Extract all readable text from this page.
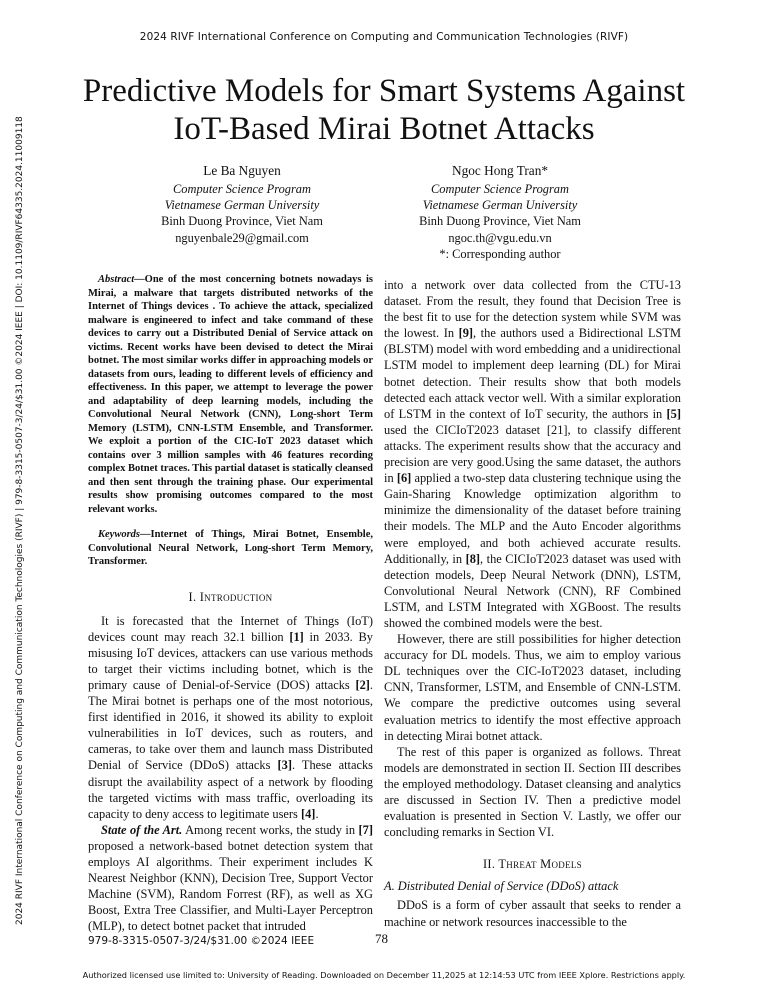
2024 RIVF International Conference on Computing and Communication Technologies (RIVF)
2024 RIVF International Conference on Computing and Communication Technologies (RIVF) | 979-8-3315-0507-3/24/$31.00 ©2024 IEEE | DOI: 10.1109/RIVF64335.2024.11009118
Predictive Models for Smart Systems Against IoT-Based Mirai Botnet Attacks
Le Ba Nguyen
Computer Science Program
Vietnamese German University
Binh Duong Province, Viet Nam
nguyenbale29@gmail.com
Ngoc Hong Tran*
Computer Science Program
Vietnamese German University
Binh Duong Province, Viet Nam
ngoc.th@vgu.edu.vn
*: Corresponding author

Abstract—One of the most concerning botnets nowadays is Mirai, a malware that targets distributed networks of the Internet of Things devices . To achieve the attack, specialized malware is engineered to infect and take command of these devices to carry out a Distributed Denial of Service attack on victims. Recent works have been devised to detect the Mirai botnet. The most similar works differ in approaching models or datasets from ours, leading to different levels of efficiency and effectiveness. In this paper, we attempt to leverage the power and adaptability of deep learning models, including the Convolutional Neural Network (CNN), Long-short Term Memory (LSTM), CNN-LSTM Ensemble, and Transformer. We exploit a portion of the CIC-IoT 2023 dataset which contains over 3 million samples with 46 features recording complex Botnet traces. This partial dataset is statically cleansed and then sent through the training phase. Our experimental results show promising outcomes compared to the most relevant works.

Keywords—Internet of Things, Mirai Botnet, Ensemble, Convolutional Neural Network, Long-short Term Memory, Transformer.

I. Introduction

It is forecasted that the Internet of Things (IoT) devices count may reach 32.1 billion [1] in 2033. By misusing IoT devices, attackers can use various methods to target their victims including botnet, which is the primary cause of Denial-of-Service (DOS) attacks [2]. The Mirai botnet is perhaps one of the most notorious, first identified in 2016, it showed its ability to exploit vulnerabilities in IoT devices, such as routers, and cameras, to take over them and launch mass Distributed Denial of Service (DDoS) attacks [3]. These attacks disrupt the availability aspect of a network by flooding the targeted victims with mass traffic, overloading its capacity to deny access to legitimate users [4].

State of the Art. Among recent works, the study in [7] proposed a network-based botnet detection system that employs AI algorithms. Their experiment includes K Nearest Neighbor (KNN), Decision Tree, Support Vector Machine (SVM), Random Forrest (RF), as well as XG Boost, Extra Tree Classifier, and Multi-Layer Perceptron (MLP), to detect botnet packet that intruded

into a network over data collected from the CTU-13 dataset. From the result, they found that Decision Tree is the best fit to use for the detection system while SVM was the lowest. In [9], the authors used a Bidirectional LSTM (BLSTM) model with word embedding and a unidirectional LSTM model to implement deep learning (DL) for Mirai botnet detection. Their results show that both models detected each attack vector well. With a similar exploration of LSTM in the context of IoT security, the authors in [5] used the CICIoT2023 dataset [21], to classify different attacks. The experiment results show that the accuracy and precision are very good.Using the same dataset, the authors in [6] applied a two-step data clustering technique using the Gain-Sharing Knowledge optimization algorithm to minimize the dimensionality of the dataset before training their models. The MLP and the Auto Encoder algorithms were employed, and both achieved accurate results. Additionally, in [8], the CICIoT2023 dataset was used with detection models, Deep Neural Network (DNN), LSTM, Convolutional Neural Network (CNN), RF Combined LSTM, and LSTM Integrated with XGBoost. The results showed the combined models were the best.

However, there are still possibilities for higher detection accuracy for DL models. Thus, we aim to employ various DL techniques over the CIC-IoT2023 dataset, including CNN, Transformer, LSTM, and Ensemble of CNN-LSTM. We compare the predictive outcomes using several evaluation metrics to identify the most effective approach in detecting Mirai botnet attack.

The rest of this paper is organized as follows. Threat models are demonstrated in section II. Section III describes the employed methodology. Dataset cleansing and analytics are discussed in Section IV. Then a predictive model evaluation is presented in Section V. Lastly, we offer our concluding remarks in Section VI.

II. Threat Models
A. Distributed Denial of Service (DDoS) attack

DDoS is a form of cyber assault that seeks to render a machine or network resources inaccessible to the

979-8-3315-0507-3/24/$31.00 ©2024 IEEE	78
Authorized licensed use limited to: University of Reading. Downloaded on December 11,2025 at 12:14:53 UTC from IEEE Xplore. Restrictions apply.
